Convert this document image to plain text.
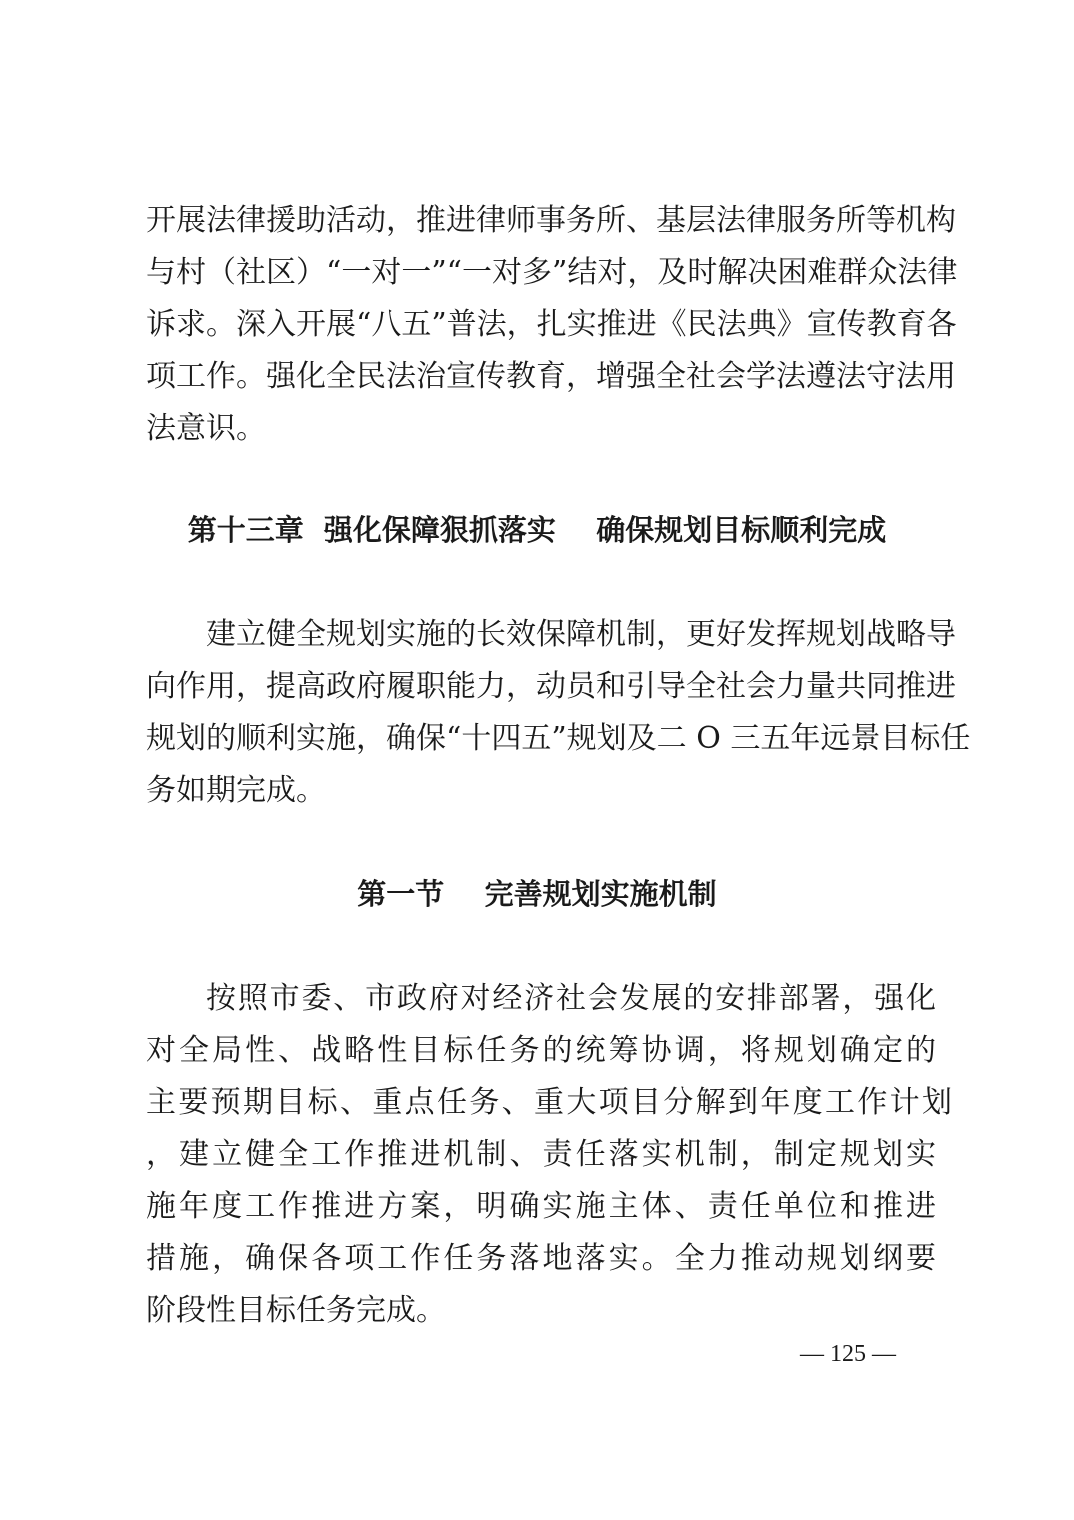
开展法律援助活动，推进律师事务所、基层法律服务所等机构
与村（社区）“一对一”“一对多”结对，及时解决困难群众法律
诉求。深入开展“八五”普法，扎实推进《民法典》宣传教育各
项工作。强化全民法治宣传教育，增强全社会学法遵法守法用
法意识。
第十三章  强化保障狠抓落实    确保规划目标顺利完成
建立健全规划实施的长效保障机制，更好发挥规划战略导
向作用，提高政府履职能力，动员和引导全社会力量共同推进
规划的顺利实施，确保“十四五”规划及二 O 三五年远景目标任
务如期完成。
第一节    完善规划实施机制
按照市委、市政府对经济社会发展的安排部署，强化
对全局性、战略性目标任务的统筹协调，将规划确定的
主要预期目标、重点任务、重大项目分解到年度工作计划
，建立健全工作推进机制、责任落实机制，制定规划实
施年度工作推进方案，明确实施主体、责任单位和推进
措施，确保各项工作任务落地落实。全力推动规划纲要
阶段性目标任务完成。
— 125 —
